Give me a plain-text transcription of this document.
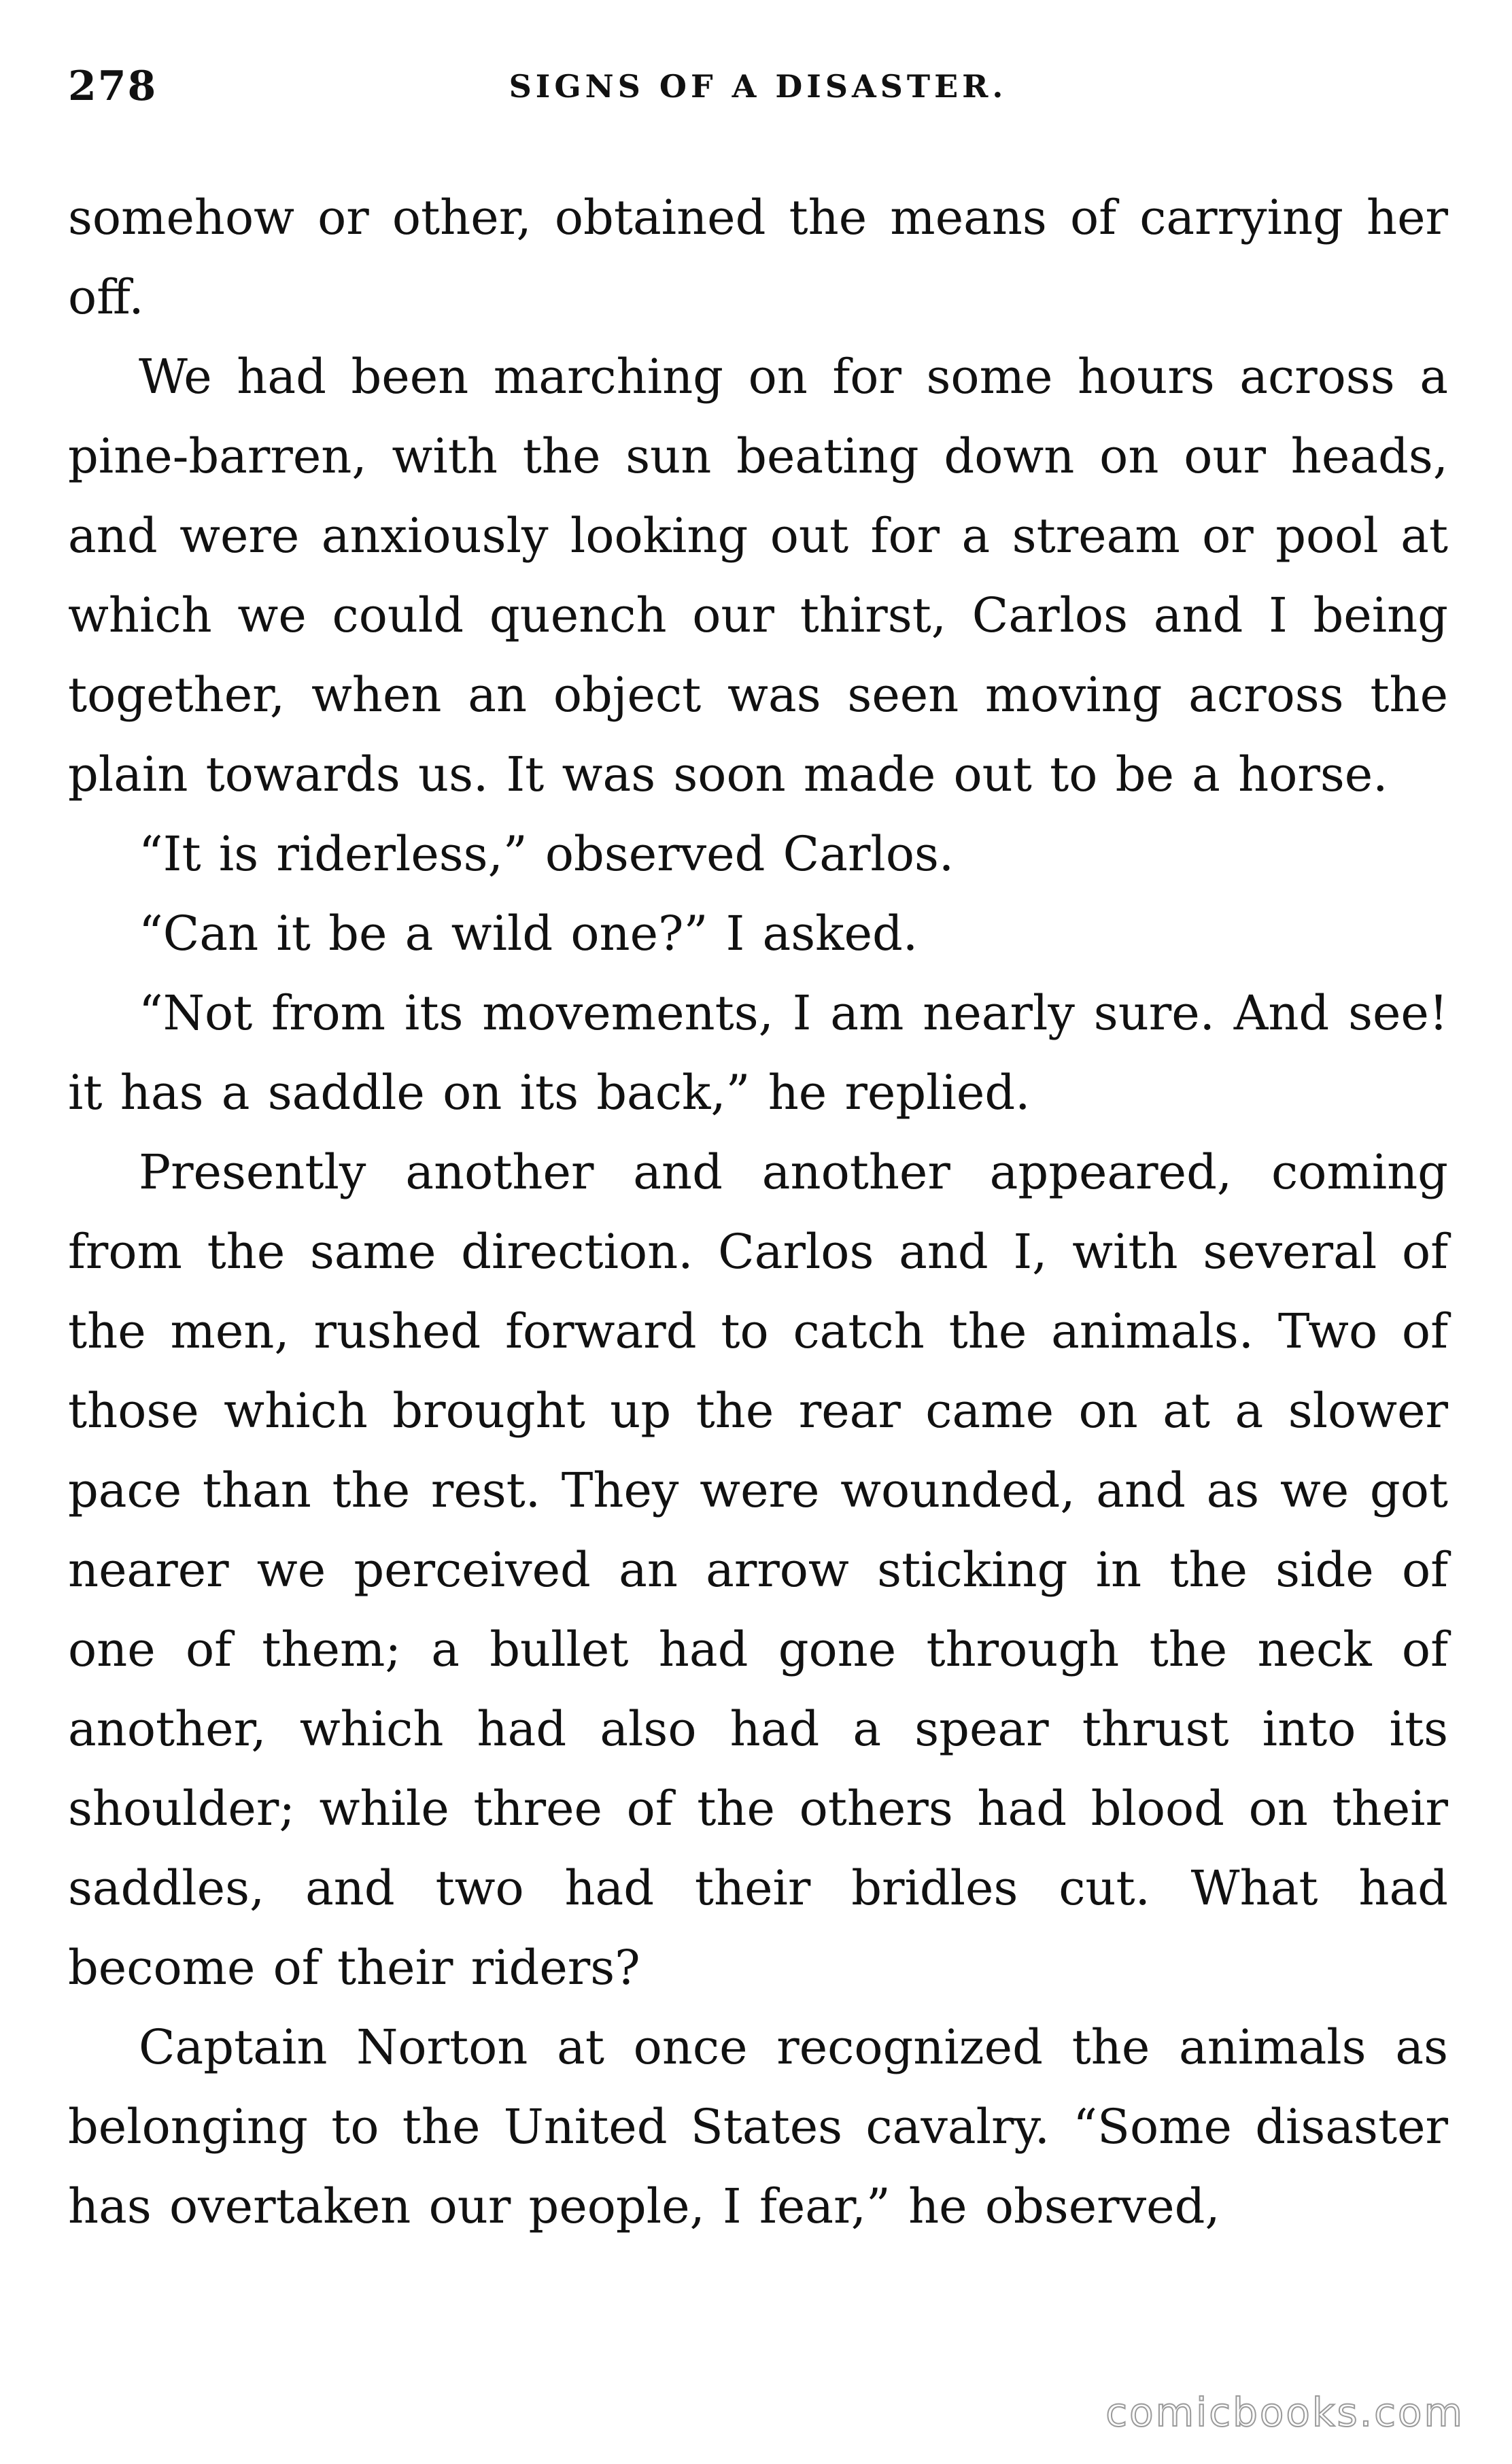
278	SIGNS OF A DISASTER.

somehow or other, obtained the means of carrying her off.

We had been marching on for some hours across a pine-barren, with the sun beating down on our heads, and were anxiously looking out for a stream or pool at which we could quench our thirst, Carlos and I being together, when an object was seen moving across the plain towards us. It was soon made out to be a horse.

“It is riderless,” observed Carlos.

“Can it be a wild one?” I asked.

“Not from its movements, I am nearly sure. And see! it has a saddle on its back,” he replied.

Presently another and another appeared, coming from the same direction. Carlos and I, with several of the men, rushed forward to catch the animals. Two of those which brought up the rear came on at a slower pace than the rest. They were wounded, and as we got nearer we perceived an arrow sticking in the side of one of them; a bullet had gone through the neck of another, which had also had a spear thrust into its shoulder; while three of the others had blood on their saddles, and two had their bridles cut. What had become of their riders?

Captain Norton at once recognized the animals as belonging to the United States cavalry. “Some disaster has overtaken our people, I fear,” he observed,

comicbooks.com
